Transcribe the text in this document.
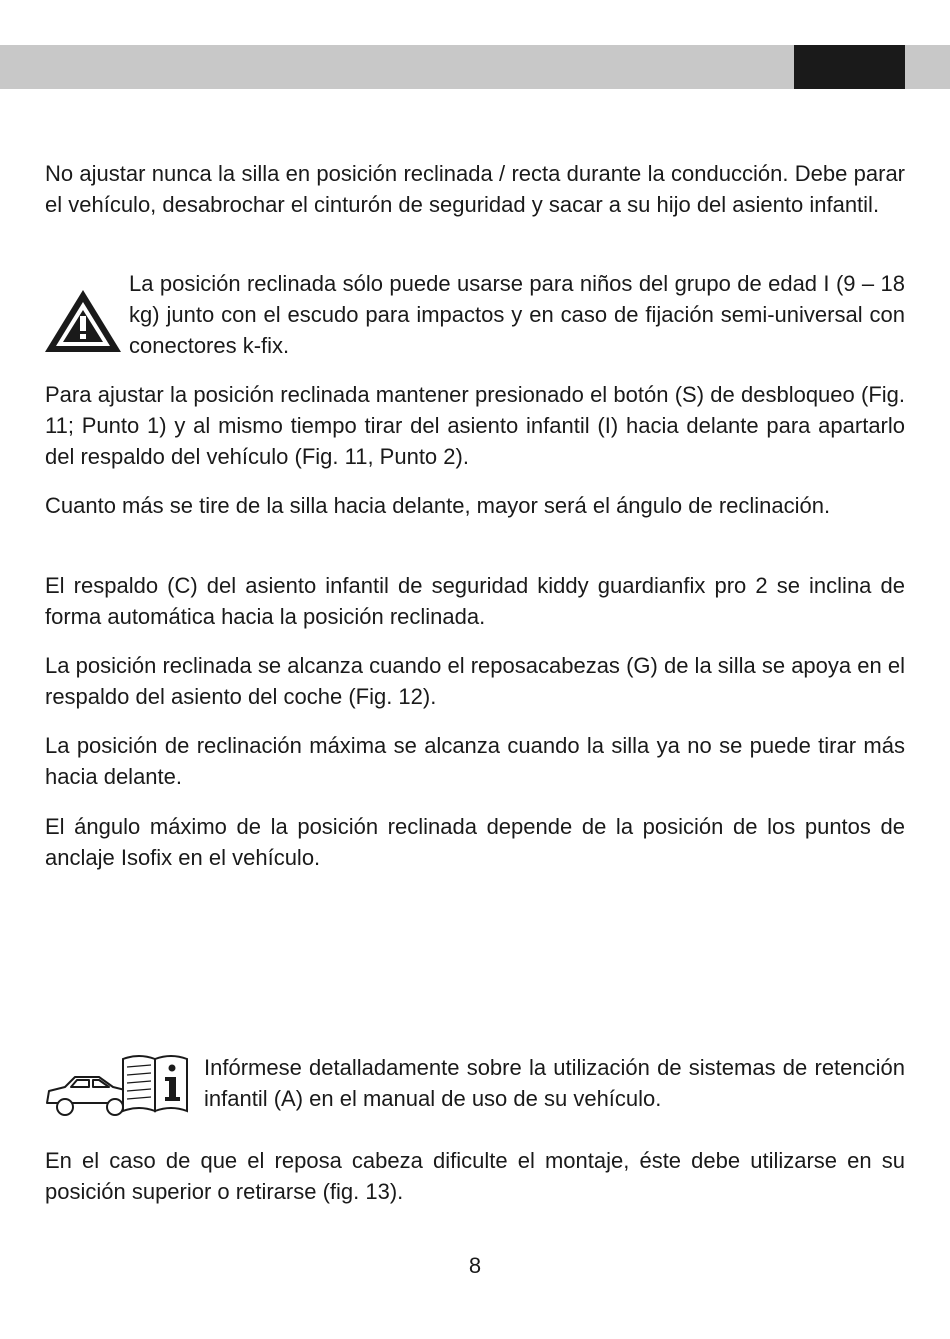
No ajustar nunca la silla en posición reclinada / recta durante la conducción. Debe parar el vehículo, desabrochar el cinturón de seguridad y sacar a su hijo del asiento infantil.

La posición reclinada sólo puede usarse para niños del grupo de edad I (9 – 18 kg) junto con el escudo para impactos y en caso de fijación semi-universal con conectores k-fix.

Para ajustar la posición reclinada mantener presionado el botón (S) de desbloqueo (Fig. 11; Punto 1) y al mismo tiempo tirar del asiento infantil (I) hacia delante para apartarlo del respaldo del vehículo (Fig. 11, Punto 2).

Cuanto más se tire de la silla hacia delante, mayor será el ángulo de reclinación.

El respaldo (C) del asiento infantil de seguridad kiddy guardianfix pro 2 se inclina de forma automática hacia la posición reclinada.

La posición reclinada se alcanza cuando el reposacabezas (G) de la silla se apoya en el respaldo del asiento del coche (Fig. 12).

La posición de reclinación máxima se alcanza cuando la silla ya no se puede tirar más hacia delante.

El ángulo máximo de la posición reclinada depende de la posición de los puntos de anclaje Isofix en el vehículo.

Infórmese detalladamente sobre la utilización de sistemas de retención infantil (A) en el manual de uso de su vehículo.

En el caso de que el reposa cabeza dificulte el montaje, éste debe utilizarse en su posición superior o retirarse (fig. 13).

8
